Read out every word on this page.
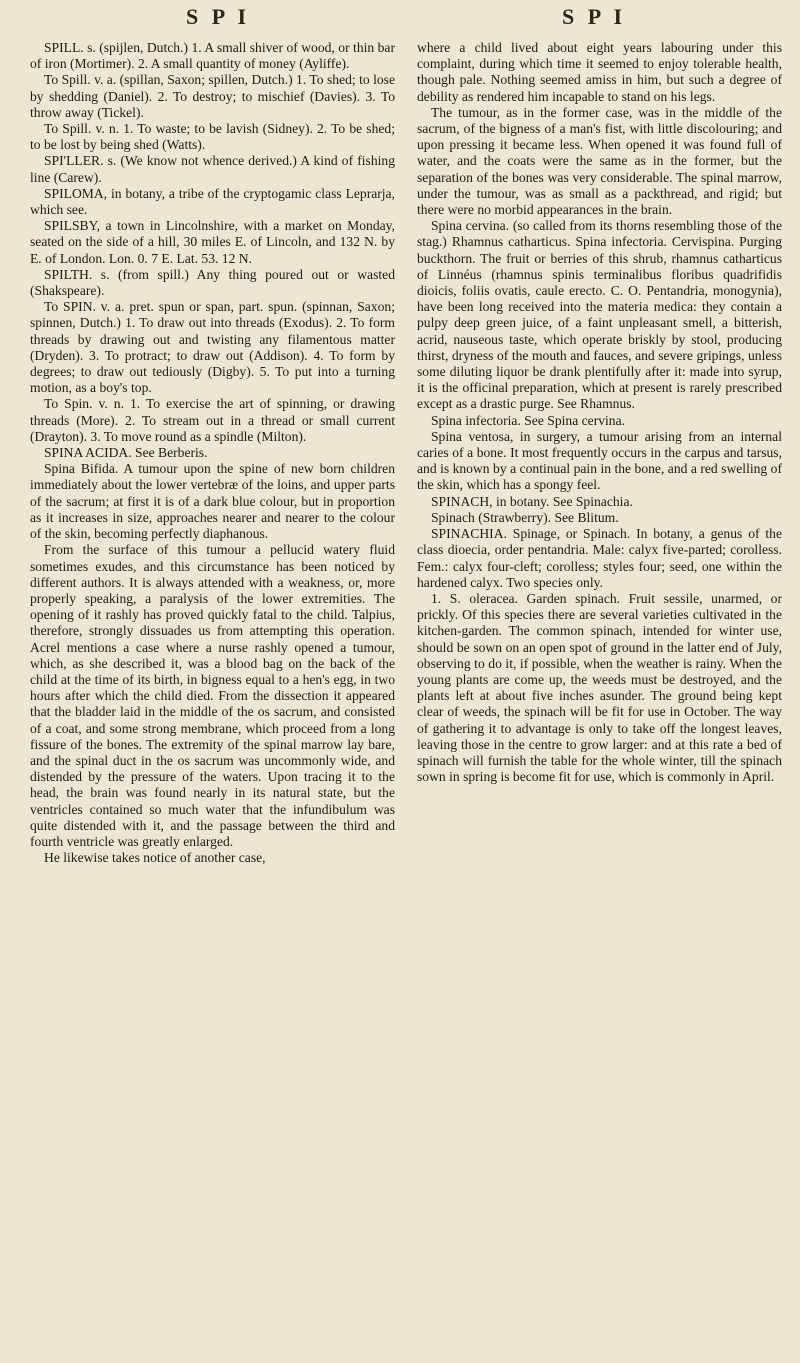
S P I	S P I

SPILL. s. (spijlen, Dutch.) 1. A small shiver of wood, or thin bar of iron (Mortimer). 2. A small quantity of money (Ayliffe).

To Spill. v. a. (spillan, Saxon; spillen, Dutch.) 1. To shed; to lose by shedding (Daniel). 2. To destroy; to mischief (Davies). 3. To throw away (Tickel).

To Spill. v. n. 1. To waste; to be lavish (Sidney). 2. To be shed; to be lost by being shed (Watts).

SPI'LLER. s. (We know not whence derived.) A kind of fishing line (Carew).

SPILOMA, in botany, a tribe of the cryptogamic class Leprarja, which see.

SPILSBY, a town in Lincolnshire, with a market on Monday, seated on the side of a hill, 30 miles E. of Lincoln, and 132 N. by E. of London. Lon. 0. 7 E. Lat. 53. 12 N.

SPILTH. s. (from spill.) Any thing poured out or wasted (Shakspeare).

To SPIN. v. a. pret. spun or span, part. spun. (spinnan, Saxon; spinnen, Dutch.) 1. To draw out into threads (Exodus). 2. To form threads by drawing out and twisting any filamentous matter (Dryden). 3. To protract; to draw out (Addison). 4. To form by degrees; to draw out tediously (Digby). 5. To put into a turning motion, as a boy's top.

To Spin. v. n. 1. To exercise the art of spinning, or drawing threads (More). 2. To stream out in a thread or small current (Drayton). 3. To move round as a spindle (Milton).

SPINA ACIDA. See Berberis.

Spina Bifida. A tumour upon the spine of new born children immediately about the lower vertebræ of the loins, and upper parts of the sacrum; at first it is of a dark blue colour, but in proportion as it increases in size, approaches nearer and nearer to the colour of the skin, becoming perfectly diaphanous.

From the surface of this tumour a pellucid watery fluid sometimes exudes, and this circumstance has been noticed by different authors. It is always attended with a weakness, or, more properly speaking, a paralysis of the lower extremities. The opening of it rashly has proved quickly fatal to the child. Talpius, therefore, strongly dissuades us from attempting this operation. Acrel mentions a case where a nurse rashly opened a tumour, which, as she described it, was a blood bag on the back of the child at the time of its birth, in bigness equal to a hen's egg, in two hours after which the child died. From the dissection it appeared that the bladder laid in the middle of the os sacrum, and consisted of a coat, and some strong membrane, which proceed from a long fissure of the bones. The extremity of the spinal marrow lay bare, and the spinal duct in the os sacrum was uncommonly wide, and distended by the pressure of the waters. Upon tracing it to the head, the brain was found nearly in its natural state, but the ventricles contained so much water that the infundibulum was quite distended with it, and the passage between the third and fourth ventricle was greatly enlarged.

He likewise takes notice of another case,

where a child lived about eight years labouring under this complaint, during which time it seemed to enjoy tolerable health, though pale. Nothing seemed amiss in him, but such a degree of debility as rendered him incapable to stand on his legs.

The tumour, as in the former case, was in the middle of the sacrum, of the bigness of a man's fist, with little discolouring; and upon pressing it became less. When opened it was found full of water, and the coats were the same as in the former, but the separation of the bones was very considerable. The spinal marrow, under the tumour, was as small as a packthread, and rigid; but there were no morbid appearances in the brain.

Spina cervina. (so called from its thorns resembling those of the stag.) Rhamnus catharticus. Spina infectoria. Cervispina. Purging buckthorn. The fruit or berries of this shrub, rhamnus catharticus of Linnéus (rhamnus spinis terminalibus floribus quadrifidis dioicis, foliis ovatis, caule erecto. C. O. Pentandria, monogynia), have been long received into the materia medica: they contain a pulpy deep green juice, of a faint unpleasant smell, a bitterish, acrid, nauseous taste, which operate briskly by stool, producing thirst, dryness of the mouth and fauces, and severe gripings, unless some diluting liquor be drank plentifully after it: made into syrup, it is the officinal preparation, which at present is rarely prescribed except as a drastic purge. See Rhamnus.

Spina infectoria. See Spina cervina.

Spina ventosa, in surgery, a tumour arising from an internal caries of a bone. It most frequently occurs in the carpus and tarsus, and is known by a continual pain in the bone, and a red swelling of the skin, which has a spongy feel.

SPINACH, in botany. See Spinachia.

Spinach (Strawberry). See Blitum.

SPINACHIA. Spinage, or Spinach. In botany, a genus of the class dioecia, order pentandria. Male: calyx five-parted; corolless. Fem.: calyx four-cleft; corolless; styles four; seed, one within the hardened calyx. Two species only.

1. S. oleracea. Garden spinach. Fruit sessile, unarmed, or prickly. Of this species there are several varieties cultivated in the kitchen-garden. The common spinach, intended for winter use, should be sown on an open spot of ground in the latter end of July, observing to do it, if possible, when the weather is rainy. When the young plants are come up, the weeds must be destroyed, and the plants left at about five inches asunder. The ground being kept clear of weeds, the spinach will be fit for use in October. The way of gathering it to advantage is only to take off the longest leaves, leaving those in the centre to grow larger: and at this rate a bed of spinach will furnish the table for the whole winter, till the spinach sown in spring is become fit for use, which is commonly in April.
